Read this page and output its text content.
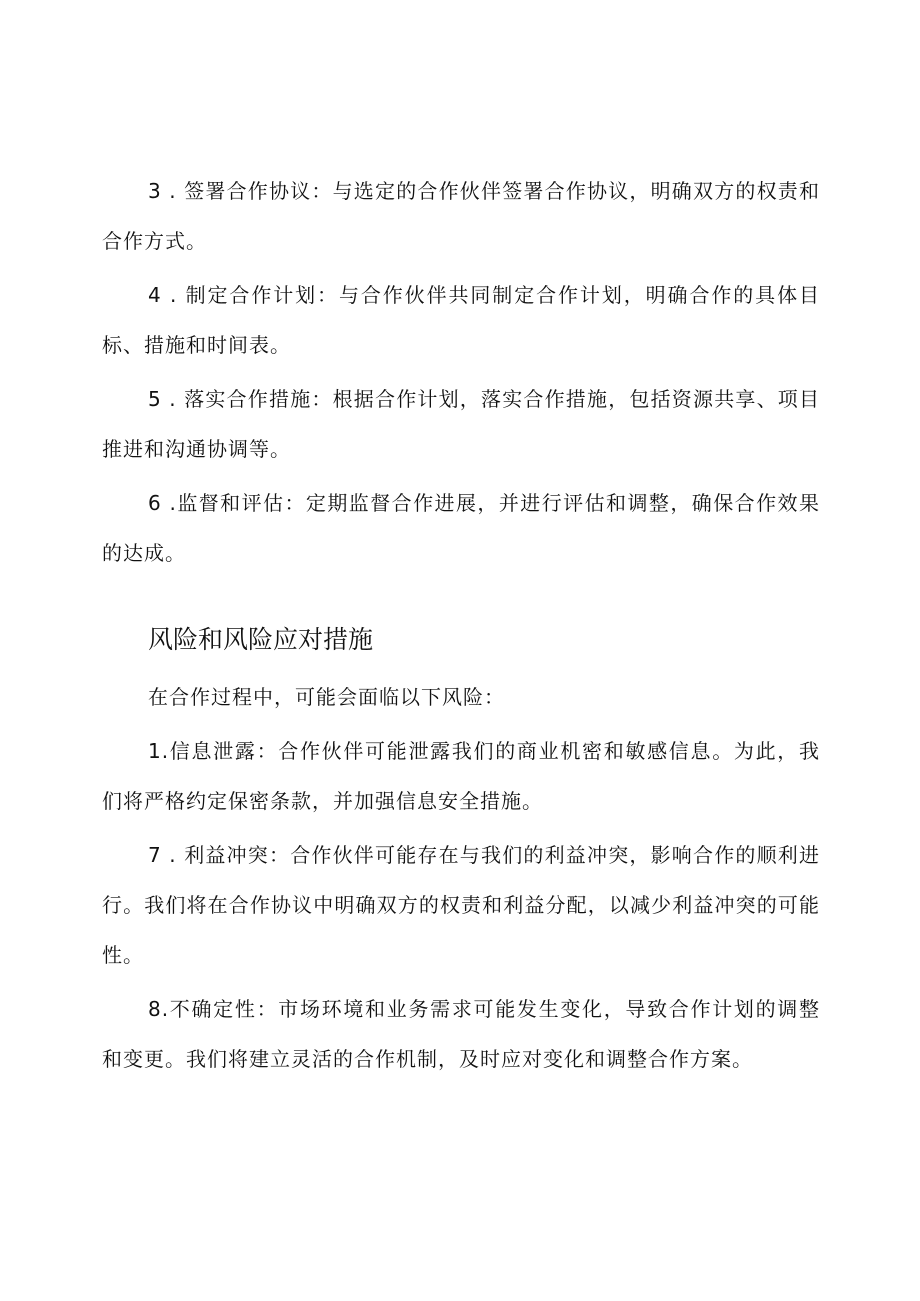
3 . 签署合作协议：与选定的合作伙伴签署合作协议，明确双方的权责和合作方式。

4 . 制定合作计划：与合作伙伴共同制定合作计划，明确合作的具体目标、措施和时间表。

5 . 落实合作措施：根据合作计划，落实合作措施，包括资源共享、项目推进和沟通协调等。

6 .监督和评估：定期监督合作进展，并进行评估和调整，确保合作效果的达成。

风险和风险应对措施

在合作过程中，可能会面临以下风险：

1.信息泄露：合作伙伴可能泄露我们的商业机密和敏感信息。为此，我们将严格约定保密条款，并加强信息安全措施。

7 . 利益冲突：合作伙伴可能存在与我们的利益冲突，影响合作的顺利进行。我们将在合作协议中明确双方的权责和利益分配，以减少利益冲突的可能性。

8.不确定性：市场环境和业务需求可能发生变化，导致合作计划的调整和变更。我们将建立灵活的合作机制，及时应对变化和调整合作方案。
